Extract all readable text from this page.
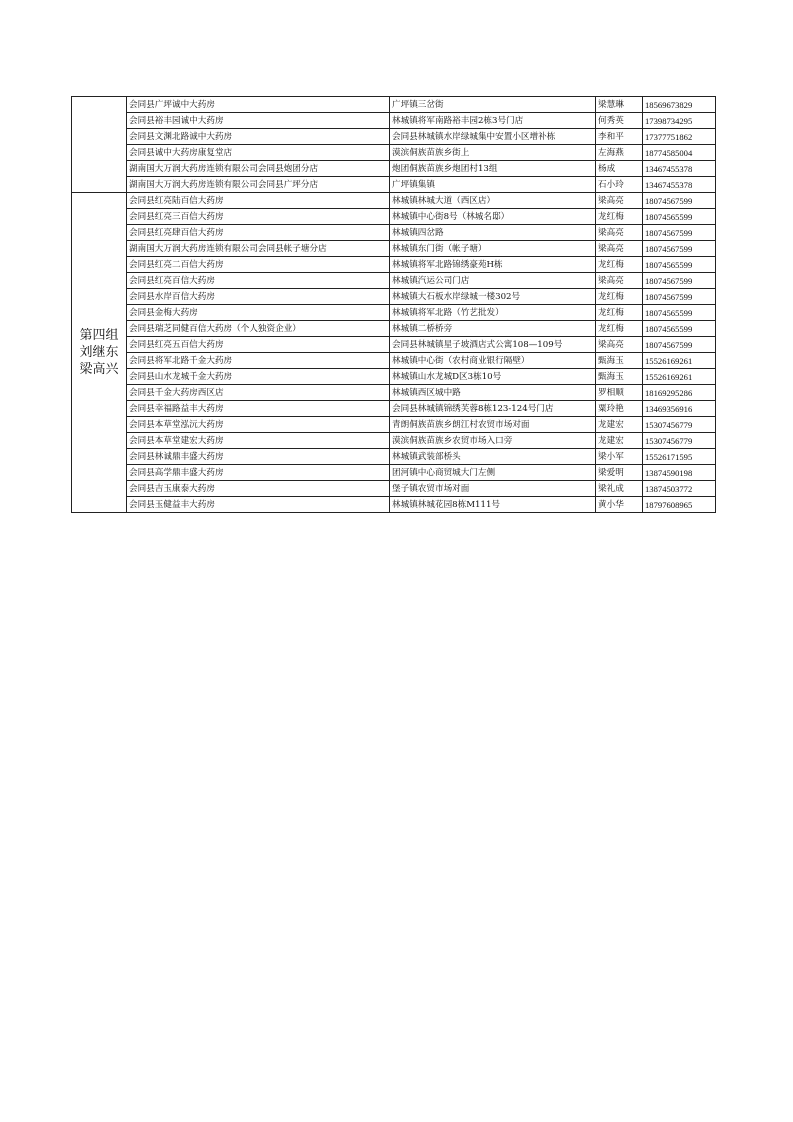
	会同县广坪诚中大药房	广坪镇三岔街	梁慧琳	18569673829
	会同县裕丰园诚中大药房	林城镇将军南路裕丰园2栋3号门店	何秀英	17398734295
	会同县文渊北路诚中大药房	会同县林城镇水岸绿城集中安置小区增补栋	李和平	17377751862
	会同县诚中大药房康复堂店	漠滨侗族苗族乡街上	左海燕	18774585004
	湖南国大万润大药房连锁有限公司会同县炮团分店	炮团侗族苗族乡炮团村13组	杨成	13467455378
	湖南国大万润大药房连锁有限公司会同县广坪分店	广坪镇集镇	石小玲	13467455378

第四组
刘继东
梁高兴	会同县红亮陆百信大药房	林城镇林城大道（西区店）	梁高亮	18074567599
	会同县红亮三百信大药房	林城镇中心街8号（林城名邸）	龙红梅	18074565599
	会同县红亮肆百信大药房	林城镇四岔路	梁高亮	18074567599
	湖南国大万润大药房连锁有限公司会同县帐子塘分店	林城镇东门街（帐子塘）	梁高亮	18074567599
	会同县红亮二百信大药房	林城镇将军北路锦绣豪苑H栋	龙红梅	18074565599
	会同县红亮百信大药房	林城镇汽运公司门店	梁高亮	18074567599
	会同县水岸百信大药房	林城镇大石板水岸绿城一楼302号	龙红梅	18074567599
	会同县金梅大药房	林城镇将军北路（竹艺批发）	龙红梅	18074565599
	会同县瑞芝同健百信大药房（个人独资企业）	林城镇二桥桥旁	龙红梅	18074565599
	会同县红亮五百信大药房	会同县林城镇星子坡酒店式公寓108—109号	梁高亮	18074567599
	会同县将军北路千金大药房	林城镇中心街（农村商业银行隔壁）	甄海玉	15526169261
	会同县山水龙城千金大药房	林城镇山水龙城D区3栋10号	甄海玉	15526169261
	会同县千金大药房西区店	林城镇西区城中路	罗相顺	18169295286
	会同县幸福路益丰大药房	会同县林城镇锦绣芙蓉8栋123-124号门店	粟玲艳	13469356916
	会同县本草堂泓沅大药房	青朗侗族苗族乡朗江村农贸市场对面	龙建宏	15307456779
	会同县本草堂建宏大药房	漠滨侗族苗族乡农贸市场入口旁	龙建宏	15307456779
	会同县林诚鼎丰盛大药房	林城镇武装部桥头	梁小军	15526171595
	会同县高学鼎丰盛大药房	团河镇中心商贸城大门左侧	梁爱明	13874590198
	会同县吉玉康泰大药房	堡子镇农贸市场对面	梁礼成	13874503772
	会同县玉健益丰大药房	林城镇林城花园8栋M111号	黄小华	18797608965
